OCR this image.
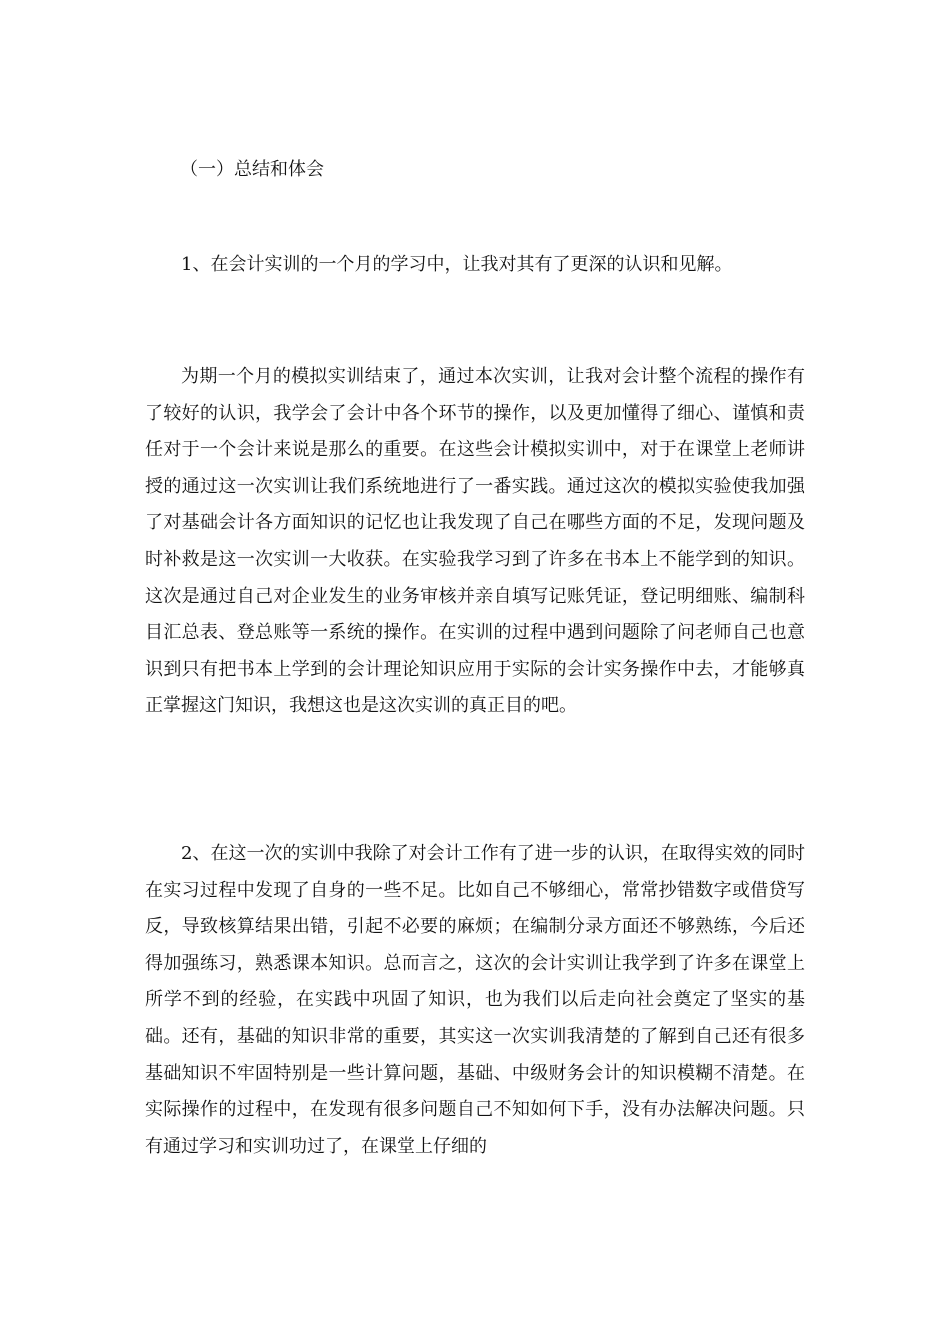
（一）总结和体会

1、在会计实训的一个月的学习中，让我对其有了更深的认识和见解。

为期一个月的模拟实训结束了，通过本次实训，让我对会计整个流程的操作有了较好的认识，我学会了会计中各个环节的操作，以及更加懂得了细心、谨慎和责任对于一个会计来说是那么的重要。在这些会计模拟实训中，对于在课堂上老师讲授的通过这一次实训让我们系统地进行了一番实践。通过这次的模拟实验使我加强了对基础会计各方面知识的记忆也让我发现了自己在哪些方面的不足，发现问题及时补救是这一次实训一大收获。在实验我学习到了许多在书本上不能学到的知识。这次是通过自己对企业发生的业务审核并亲自填写记账凭证，登记明细账、编制科目汇总表、登总账等一系统的操作。在实训的过程中遇到问题除了问老师自己也意识到只有把书本上学到的会计理论知识应用于实际的会计实务操作中去，才能够真正掌握这门知识，我想这也是这次实训的真正目的吧。

2、在这一次的实训中我除了对会计工作有了进一步的认识，在取得实效的同时在实习过程中发现了自身的一些不足。比如自己不够细心，常常抄错数字或借贷写反，导致核算结果出错，引起不必要的麻烦；在编制分录方面还不够熟练，今后还得加强练习，熟悉课本知识。总而言之，这次的会计实训让我学到了许多在课堂上所学不到的经验，在实践中巩固了知识，也为我们以后走向社会奠定了坚实的基础。还有，基础的知识非常的重要，其实这一次实训我清楚的了解到自己还有很多基础知识不牢固特别是一些计算问题，基础、中级财务会计的知识模糊不清楚。在实际操作的过程中，在发现有很多问题自己不知如何下手，没有办法解决问题。只有通过学习和实训功过了，在课堂上仔细的
